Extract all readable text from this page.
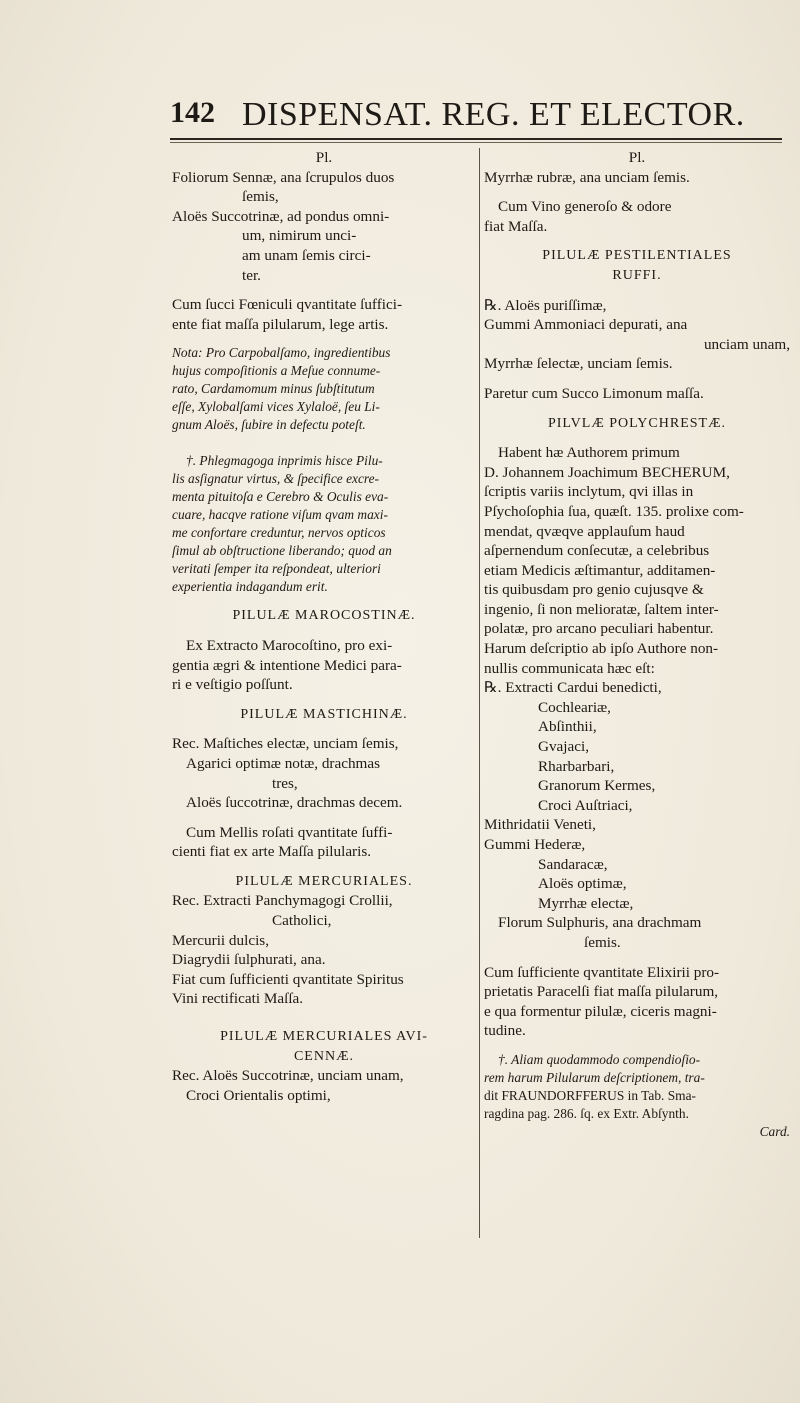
142 DISPENSAT. REG. ET ELECTOR.
Pl.
Foliorum Sennæ, ana ſcrupulos duos
ſemis,
Aloës Succotrinæ, ad pondus omni-
um, nimirum unci-
am unam ſemis circi-
ter.
Cum ſucci Fœniculi qvantitate ſuffici-
ente fiat maſſa pilularum, lege artis.
Nota: Pro Carpobalſamo, ingredientibus
hujus compoſitionis a Meſue connume-
rato, Cardamomum minus ſubſtitutum
eſſe, Xylobalſami vices Xylaloë, ſeu Li-
gnum Aloës, ſubire in defectu poteſt.
†. Phlegmagoga inprimis hisce Pilu-
lis asſignatur virtus, & ſpecifice excre-
menta pituitoſa e Cerebro & Oculis eva-
cuare, hacqve ratione viſum qvam maxi-
me confortare creduntur, nervos opticos
ſimul ab obſtructione liberando; quod an
veritati ſemper ita reſpondeat, ulteriori
experientia indagandum erit.
PILULÆ MAROCOSTINÆ.
Ex Extracto Marocoſtino, pro exi-
gentia ægri & intentione Medici para-
ri e veſtigio poſſunt.
PILULÆ MASTICHINÆ.
Rec. Maſtiches electæ, unciam ſemis,
Agarici optimæ notæ, drachmas
tres,
Aloës ſuccotrinæ, drachmas decem.
Cum Mellis roſati qvantitate ſuffi-
cienti fiat ex arte Maſſa pilularis.
PILULÆ MERCURIALES.
Rec. Extracti Panchymagogi Crollii,
Catholici,
Mercurii dulcis,
Diagrydii ſulphurati, ana.
Fiat cum ſufficienti qvantitate Spiritus
Vini rectificati Maſſa.
PILULÆ MERCURIALES AVI-
CENNÆ.
Rec. Aloës Succotrinæ, unciam unam,
Croci Orientalis optimi,
Pl.
Myrrhæ rubræ, ana unciam ſemis.
Cum Vino generoſo & odore
fiat Maſſa.
PILULÆ PESTILENTIALES
RUFFI.
℞. Aloës puriſſimæ,
Gummi Ammoniaci depurati, ana
unciam unam,
Myrrhæ ſelectæ, unciam ſemis.
Paretur cum Succo Limonum maſſa.
PILVLÆ POLYCHRESTÆ.
Habent hæ Authorem primum
D. Johannem Joachimum BECHERUM,
ſcriptis variis inclytum, qvi illas in
Pſychoſophia ſua, quæſt. 135. prolixe com-
mendat, qvæqve applauſum haud
aſpernendum conſecutæ, a celebribus
etiam Medicis æſtimantur, additamen-
tis quibusdam pro genio cujusqve &
ingenio, ſi non melioratæ, ſaltem inter-
polatæ, pro arcano peculiari habentur.
Harum deſcriptio ab ipſo Authore non-
nullis communicata hæc eſt:
℞. Extracti Cardui benedicti,
Cochleariæ,
Abſinthii,
Gvajaci,
Rharbarbari,
Granorum Kermes,
Croci Auſtriaci,
Mithridatii Veneti,
Gummi Hederæ,
Sandaracæ,
Aloës optimæ,
Myrrhæ electæ,
Florum Sulphuris, ana drachmam
ſemis.
Cum ſufficiente qvantitate Elixirii pro-
prietatis Paracelſi fiat maſſa pilularum,
e qua formentur pilulæ, ciceris magni-
tudine.
†. Aliam quodammodo compendioſio-
rem harum Pilularum deſcriptionem, tra-
dit FRAUNDORFFERUS in Tab. Sma-
ragdina pag. 286. ſq. ex Extr. Abſynth.
Card.
